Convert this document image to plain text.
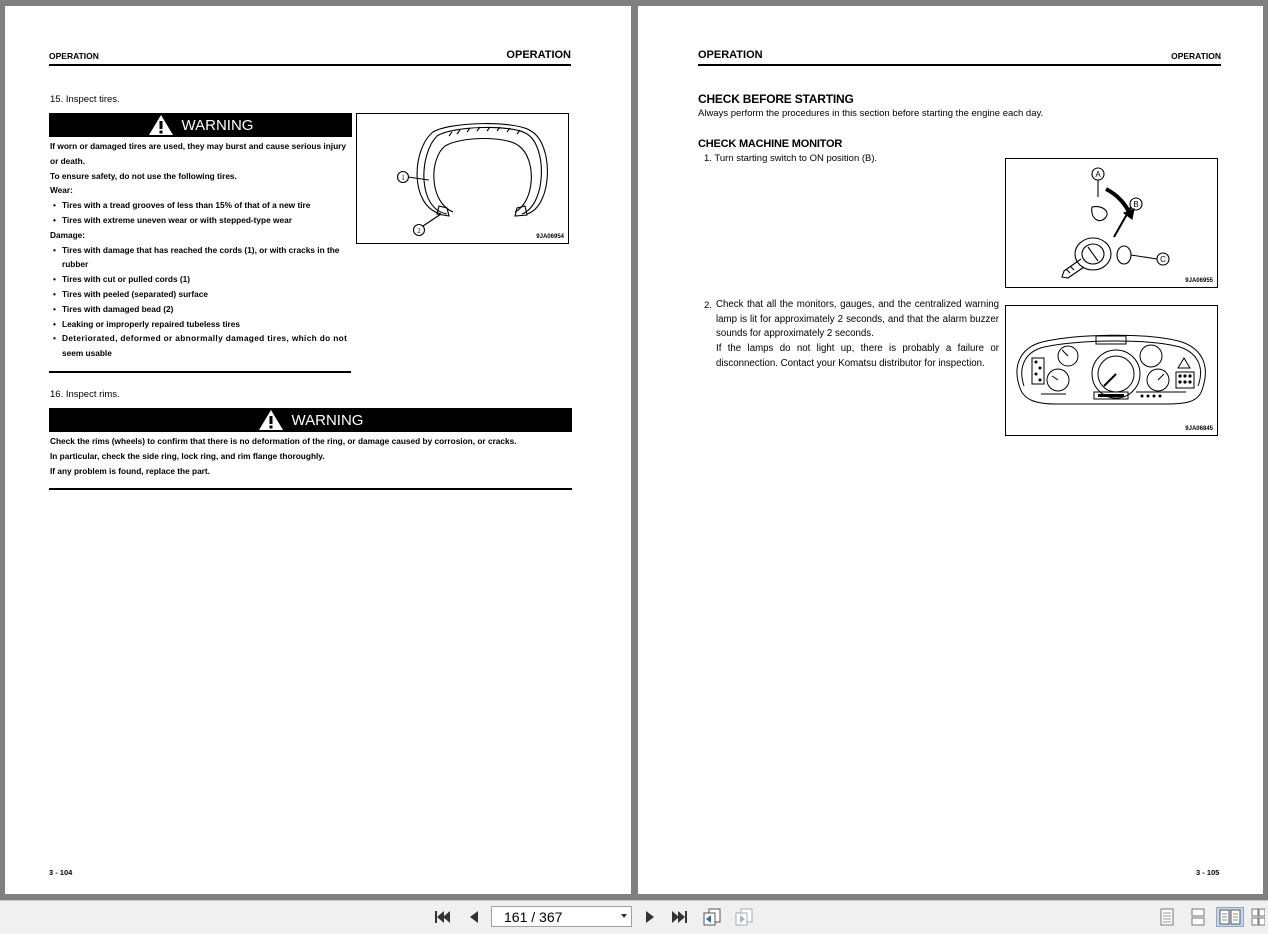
OPERATION	OPERATION
15. Inspect tires.
WARNING
If worn or damaged tires are used, they may burst and cause serious injury
or death.
To ensure safety, do not use the following tires.
Wear:
• Tires with a tread grooves of less than 15% of that of a new tire
• Tires with extreme uneven wear or with stepped-type wear
Damage:
• Tires with damage that has reached the cords (1), or with cracks in the
rubber
• Tires with cut or pulled cords (1)
• Tires with peeled (separated) surface
• Tires with damaged bead (2)
• Leaking or improperly repaired tubeless tires
• Deteriorated, deformed or abnormally damaged tires, which do not
seem usable
1
2
9JA06954
16. Inspect rims.
WARNING
Check the rims (wheels) to confirm that there is no deformation of the ring, or damage caused by corrosion, or cracks.
In particular, check the side ring, lock ring, and rim flange thoroughly.
If any problem is found, replace the part.
3 - 104
OPERATION	OPERATION
CHECK BEFORE STARTING
Always perform the procedures in this section before starting the engine each day.
CHECK MACHINE MONITOR
1. Turn starting switch to ON position (B).
A
B
C
9JA06955
2. Check that all the monitors, gauges, and the centralized warning lamp is lit for approximately 2 seconds, and that the alarm buzzer sounds for approximately 2 seconds.
If the lamps do not light up, there is probably a failure or disconnection. Contact your Komatsu distributor for inspection.
9JA06845
3 - 105
161 / 367
